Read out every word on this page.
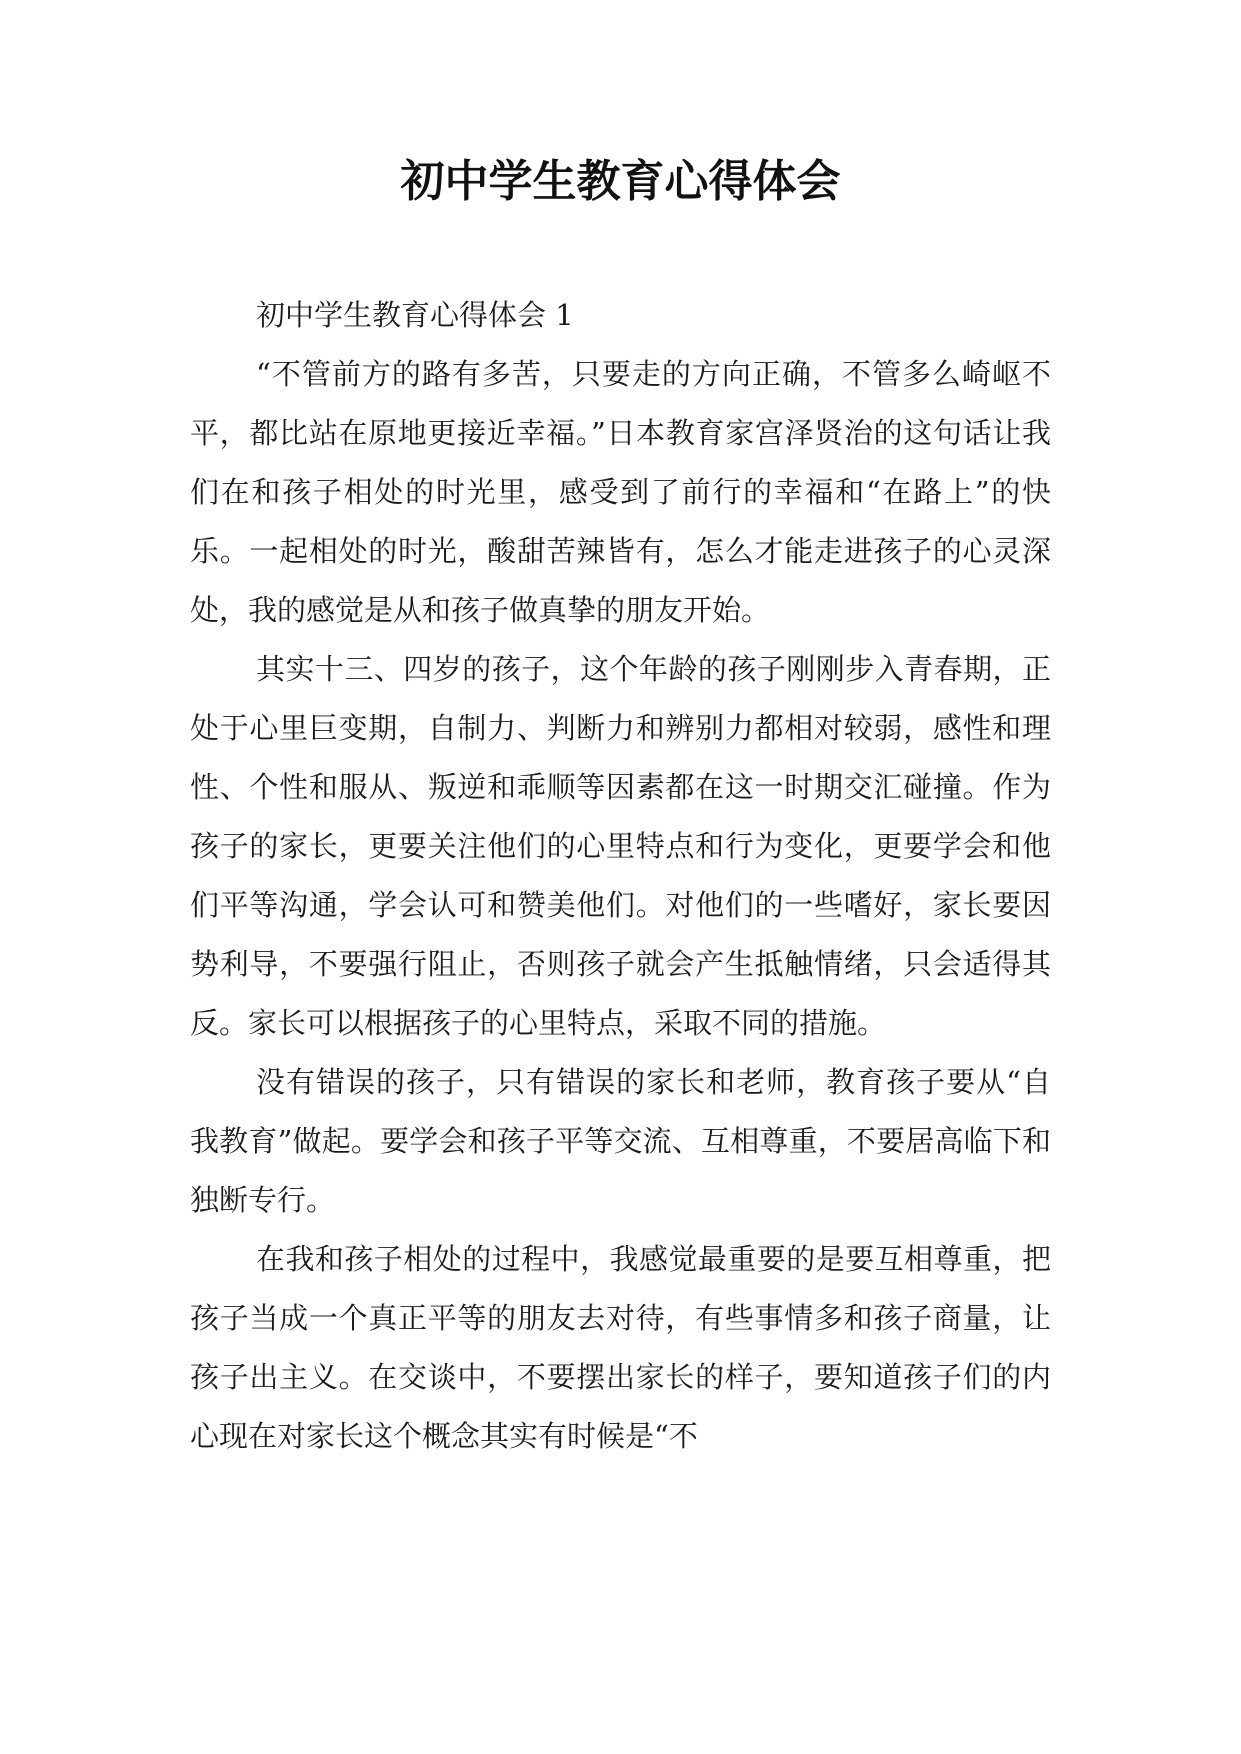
初中学生教育心得体会

初中学生教育心得体会 1

“不管前方的路有多苦，只要走的方向正确，不管多么崎岖不平，都比站在原地更接近幸福。”日本教育家宫泽贤治的这句话让我们在和孩子相处的时光里，感受到了前行的幸福和“在路上”的快乐。一起相处的时光，酸甜苦辣皆有，怎么才能走进孩子的心灵深处，我的感觉是从和孩子做真挚的朋友开始。

其实十三、四岁的孩子，这个年龄的孩子刚刚步入青春期，正处于心里巨变期，自制力、判断力和辨别力都相对较弱，感性和理性、个性和服从、叛逆和乖顺等因素都在这一时期交汇碰撞。作为孩子的家长，更要关注他们的心里特点和行为变化，更要学会和他们平等沟通，学会认可和赞美他们。对他们的一些嗜好，家长要因势利导，不要强行阻止，否则孩子就会产生抵触情绪，只会适得其反。家长可以根据孩子的心里特点，采取不同的措施。

没有错误的孩子，只有错误的家长和老师，教育孩子要从“自我教育”做起。要学会和孩子平等交流、互相尊重，不要居高临下和独断专行。

在我和孩子相处的过程中，我感觉最重要的是要互相尊重，把孩子当成一个真正平等的朋友去对待，有些事情多和孩子商量，让孩子出主义。在交谈中，不要摆出家长的样子，要知道孩子们的内心现在对家长这个概念其实有时候是“不
